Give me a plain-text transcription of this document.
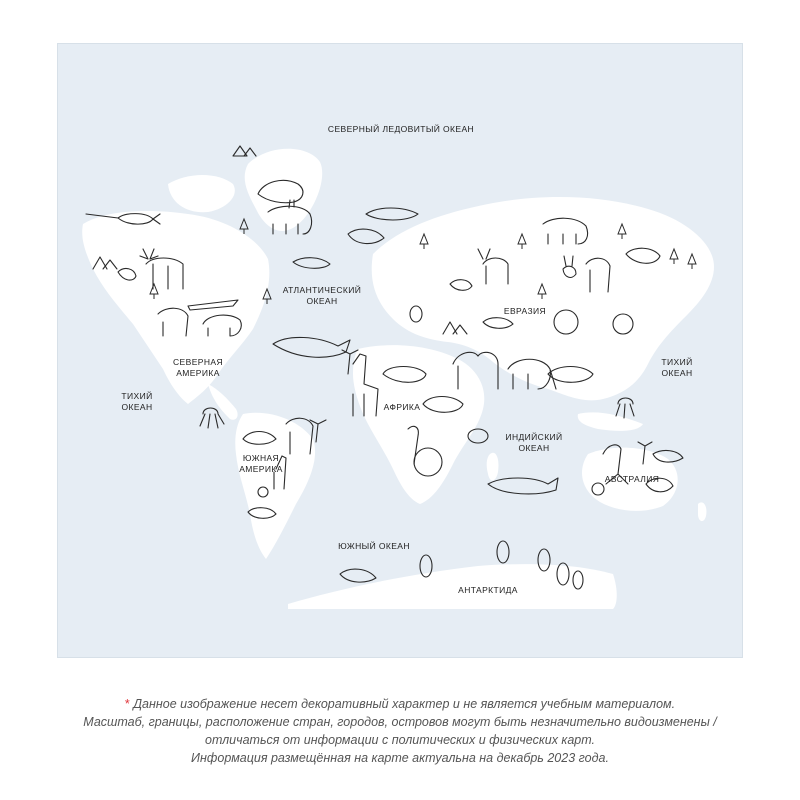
СЕВЕРНЫЙ ЛЕДОВИТЫЙ ОКЕАН
АТЛАНТИЧЕСКИЙ
ОКЕАН
ТИХИЙ
ОКЕАН
ТИХИЙ
ОКЕАН
ИНДИЙСКИЙ
ОКЕАН
ЮЖНЫЙ ОКЕАН
СЕВЕРНАЯ
АМЕРИКА
ЮЖНАЯ
АМЕРИКА
ЕВРАЗИЯ
АФРИКА
АВСТРАЛИЯ
АНТАРКТИДА
* Данное изображение несет декоративный характер и не является учебным материалом.
Масштаб, границы, расположение стран, городов, островов могут быть незначительно видоизменены /
отличаться от информации с политических и физических карт.
Информация размещённая на карте актуальна на декабрь 2023 года.
